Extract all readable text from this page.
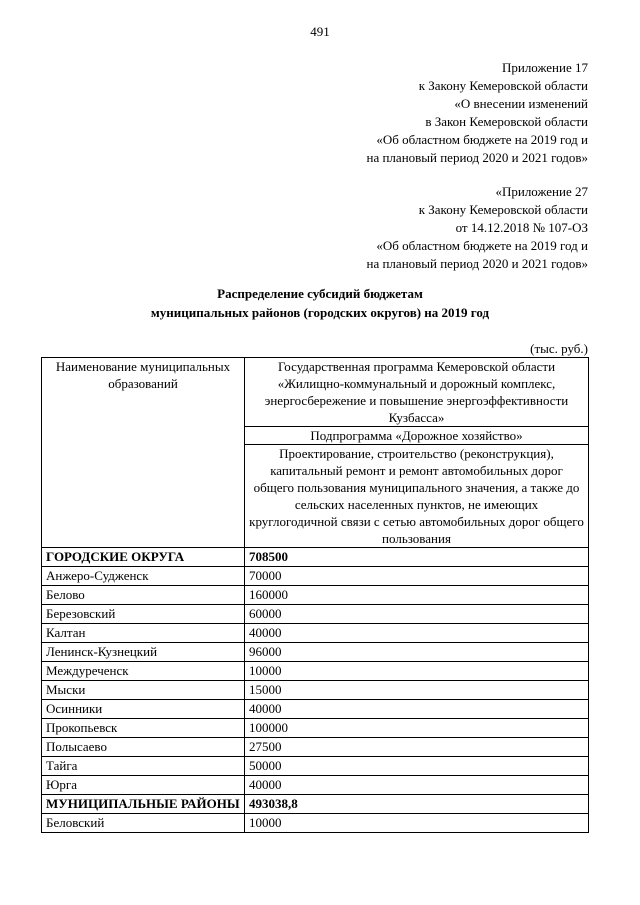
491
Приложение 17
к Закону Кемеровской области
«О внесении изменений
в Закон Кемеровской области
«Об областном бюджете на 2019 год и
на плановый период 2020 и 2021 годов»
«Приложение 27
к Закону Кемеровской области
от 14.12.2018 № 107-ОЗ
«Об областном бюджете на 2019 год и
на плановый период 2020 и 2021 годов»
Распределение субсидий бюджетам
муниципальных районов (городских округов) на 2019 год
(тыс. руб.)
Наименование муниципальных образований	Государственная программа Кемеровской области «Жилищно-коммунальный и дорожный комплекс, энергосбережение и повышение энергоэффективности Кузбасса»
	Подпрограмма «Дорожное хозяйство»
	Проектирование, строительство (реконструкция), капитальный ремонт и ремонт автомобильных дорог общего пользования муниципального значения, а также до сельских населенных пунктов, не имеющих круглогодичной связи с сетью автомобильных дорог общего пользования
ГОРОДСКИЕ ОКРУГА	708500
Анжеро-Судженск	70000
Белово	160000
Березовский	60000
Калтан	40000
Ленинск-Кузнецкий	96000
Междуреченск	10000
Мыски	15000
Осинники	40000
Прокопьевск	100000
Полысаево	27500
Тайга	50000
Юрга	40000
МУНИЦИПАЛЬНЫЕ РАЙОНЫ	493038,8
Беловский	10000
